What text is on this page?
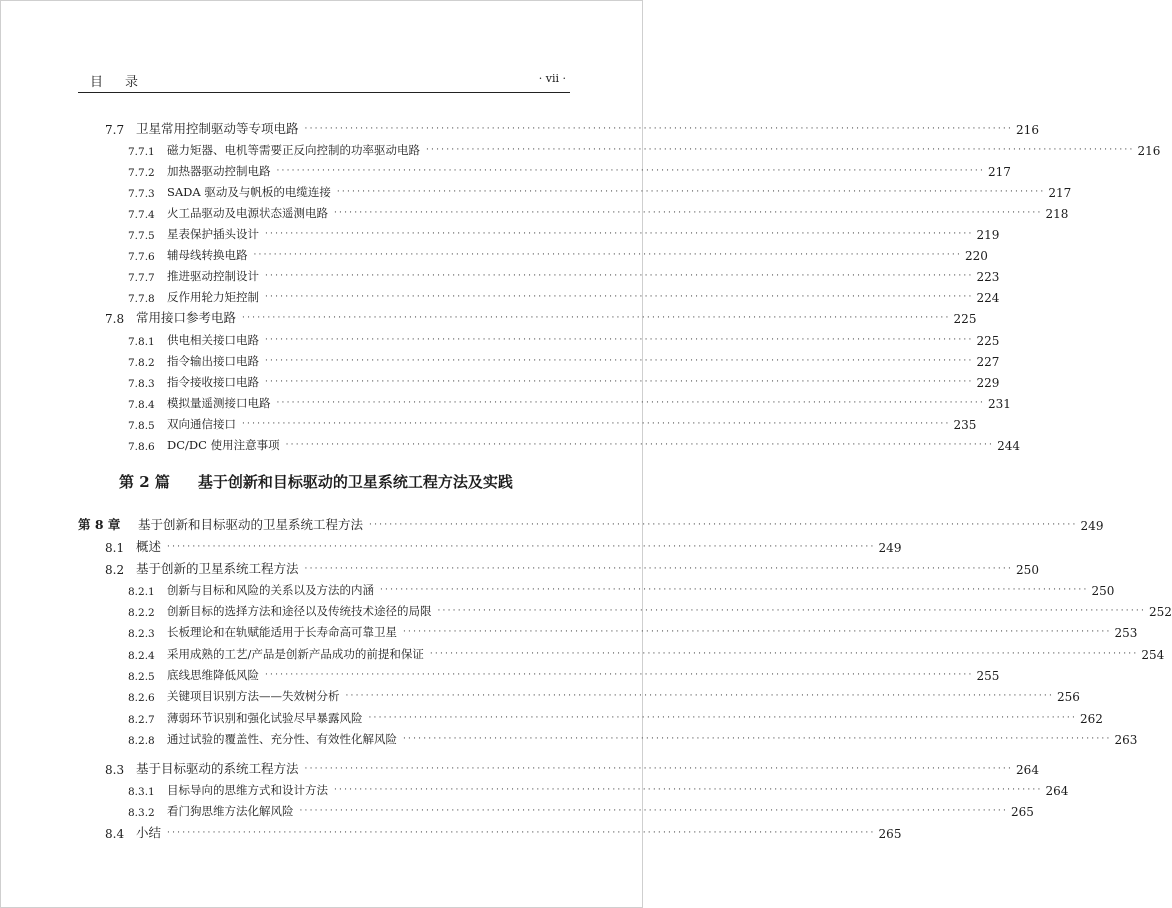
目录	· vii ·
第 2 篇 基于创新和目标驱动的卫星系统工程方法及实践
7.7 卫星常用控制驱动等专项电路 ············································································································································ 216
7.7.1	磁力矩器、电机等需要正反向控制的功率驱动电路 ············································································································································ 216
7.7.2	加热器驱动控制电路 ············································································································································ 217
7.7.3	SADA 驱动及与帆板的电缆连接 ············································································································································ 217
7.7.4	火工品驱动及电源状态遥测电路 ············································································································································ 218
7.7.5	星表保护插头设计 ············································································································································ 219
7.7.6	辅母线转换电路 ············································································································································ 220
7.7.7	推进驱动控制设计 ············································································································································ 223
7.7.8	反作用轮力矩控制 ············································································································································ 224
7.8 常用接口参考电路 ············································································································································ 225
7.8.1	供电相关接口电路 ············································································································································ 225
7.8.2	指令输出接口电路 ············································································································································ 227
7.8.3	指令接收接口电路 ············································································································································ 229
7.8.4	模拟量遥测接口电路 ············································································································································ 231
7.8.5	双向通信接口 ············································································································································ 235
7.8.6	DC/DC 使用注意事项 ············································································································································ 244
第 8 章	基于创新和目标驱动的卫星系统工程方法 ············································································································································ 249
8.1 概述 ············································································································································ 249
8.2 基于创新的卫星系统工程方法 ············································································································································ 250
8.2.1	创新与目标和风险的关系以及方法的内涵 ············································································································································ 250
8.2.2	创新目标的选择方法和途径以及传统技术途径的局限 ············································································································································ 252
8.2.3	长板理论和在轨赋能适用于长寿命高可靠卫星 ············································································································································ 253
8.2.4	采用成熟的工艺/产品是创新产品成功的前提和保证 ············································································································································ 254
8.2.5	底线思维降低风险 ············································································································································ 255
8.2.6	关键项目识别方法——失效树分析 ············································································································································ 256
8.2.7	薄弱环节识别和强化试验尽早暴露风险 ············································································································································ 262
8.2.8	通过试验的覆盖性、充分性、有效性化解风险 ············································································································································ 263
8.3 基于目标驱动的系统工程方法 ············································································································································ 264
8.3.1	目标导向的思维方式和设计方法 ············································································································································ 264
8.3.2	看门狗思维方法化解风险 ············································································································································ 265
8.4 小结 ············································································································································ 265
